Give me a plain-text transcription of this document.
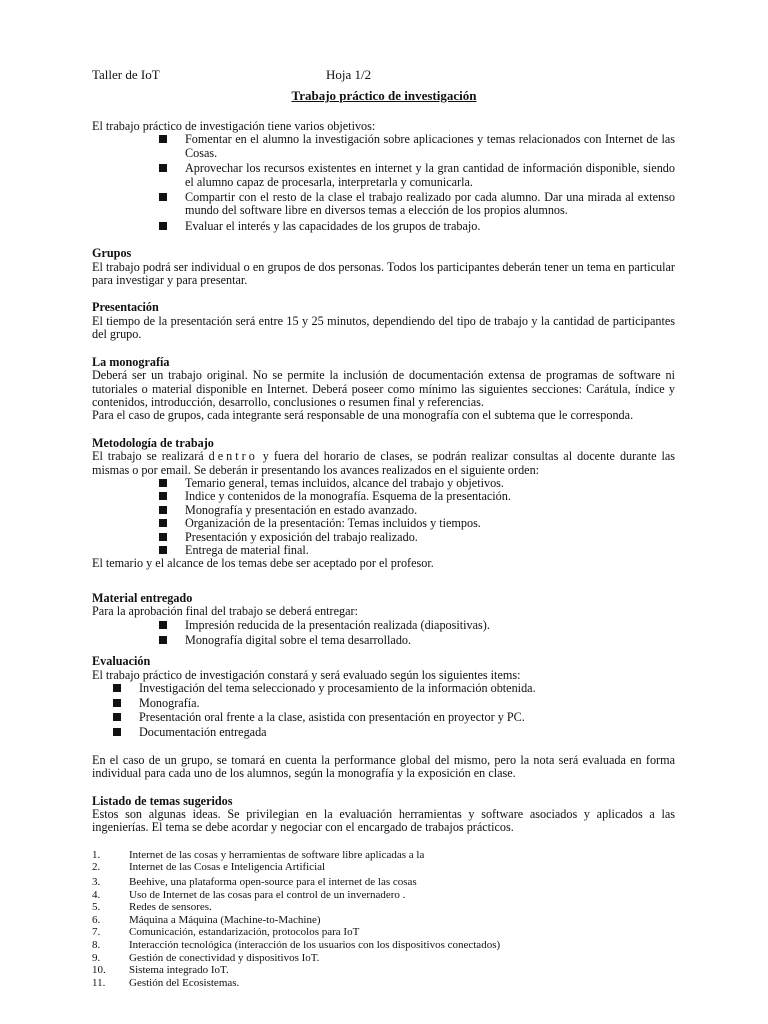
Taller de IoT	Hoja 1/2
Trabajo práctico de investigación

El trabajo práctico de investigación tiene varios objetivos:

Fomentar en el alumno la investigación sobre aplicaciones y temas relacionados con Internet de las Cosas.
Aprovechar los recursos existentes en internet y la gran cantidad de información disponible, siendo el alumno capaz de procesarla, interpretarla y comunicarla.
Compartir con el resto de la clase el trabajo realizado por cada alumno. Dar una mirada al extenso mundo del software libre en diversos temas a elección de los propios alumnos.
Evaluar el interés y las capacidades de los grupos de trabajo.
Grupos

El trabajo podrá ser individual o en grupos de dos personas. Todos los participantes deberán tener un tema en particular para investigar y para presentar.

Presentación

El tiempo de la presentación será entre 15 y 25 minutos, dependiendo del tipo de trabajo y la cantidad de participantes del grupo.

La monografía

Deberá ser un trabajo original. No se permite la inclusión de documentación extensa de programas de software ni tutoriales o material disponible en Internet. Deberá poseer como mínimo las siguientes secciones: Carátula, índice y contenidos, introducción, desarrollo, conclusiones o resumen final y referencias.

Para el caso de grupos, cada integrante será responsable de una monografía con el subtema que le corresponda.

Metodología de trabajo

El trabajo se realizará dentro y fuera del horario de clases, se podrán realizar consultas al docente durante las mismas o por email. Se deberán ir presentando los avances realizados en el siguiente orden:

Temario general, temas incluidos, alcance del trabajo y objetivos.
Indice y contenidos de la monografía. Esquema de la presentación.
Monografía y presentación en estado avanzado.
Organización de la presentación: Temas incluidos y tiempos.
Presentación y exposición del trabajo realizado.
Entrega de material final.

El temario y el alcance de los temas debe ser aceptado por el profesor.

Material entregado

Para la aprobación final del trabajo se deberá entregar:

Impresión reducida de la presentación realizada (diapositivas).
Monografía digital sobre el tema desarrollado.
Evaluación

El trabajo práctico de investigación constará y será evaluado según los siguientes items:

Investigación del tema seleccionado y procesamiento de la información obtenida.
Monografía.
Presentación oral frente a la clase, asistida con presentación en proyector y PC.
Documentación entregada

En el caso de un grupo, se tomará en cuenta la performance global del mismo, pero la nota será evaluada en forma individual para cada uno de los alumnos, según la monografía y la exposición en clase.

Listado de temas sugeridos

Estos son algunas ideas. Se privilegian en la evaluación herramientas y software asociados y aplicados a las ingenierías. El tema se debe acordar y negociar con el encargado de trabajos prácticos.

1.	Internet de las cosas y herramientas de software libre aplicadas a la
2.	Internet de las Cosas e Inteligencia Artificial
3.	Beehive, una plataforma open-source para el internet de las cosas
4.	Uso de Internet de las cosas para el control de un invernadero .
5.	Redes de sensores.
6.	Máquina a Máquina (Machine-to-Machine)
7.	Comunicación, estandarización, protocolos para IoT
8.	Interacción tecnológica (interacción de los usuarios con los dispositivos conectados)
9.	Gestión de conectividad y dispositivos IoT.
10. Sistema integrado IoT.
11. Gestión del Ecosistemas.
